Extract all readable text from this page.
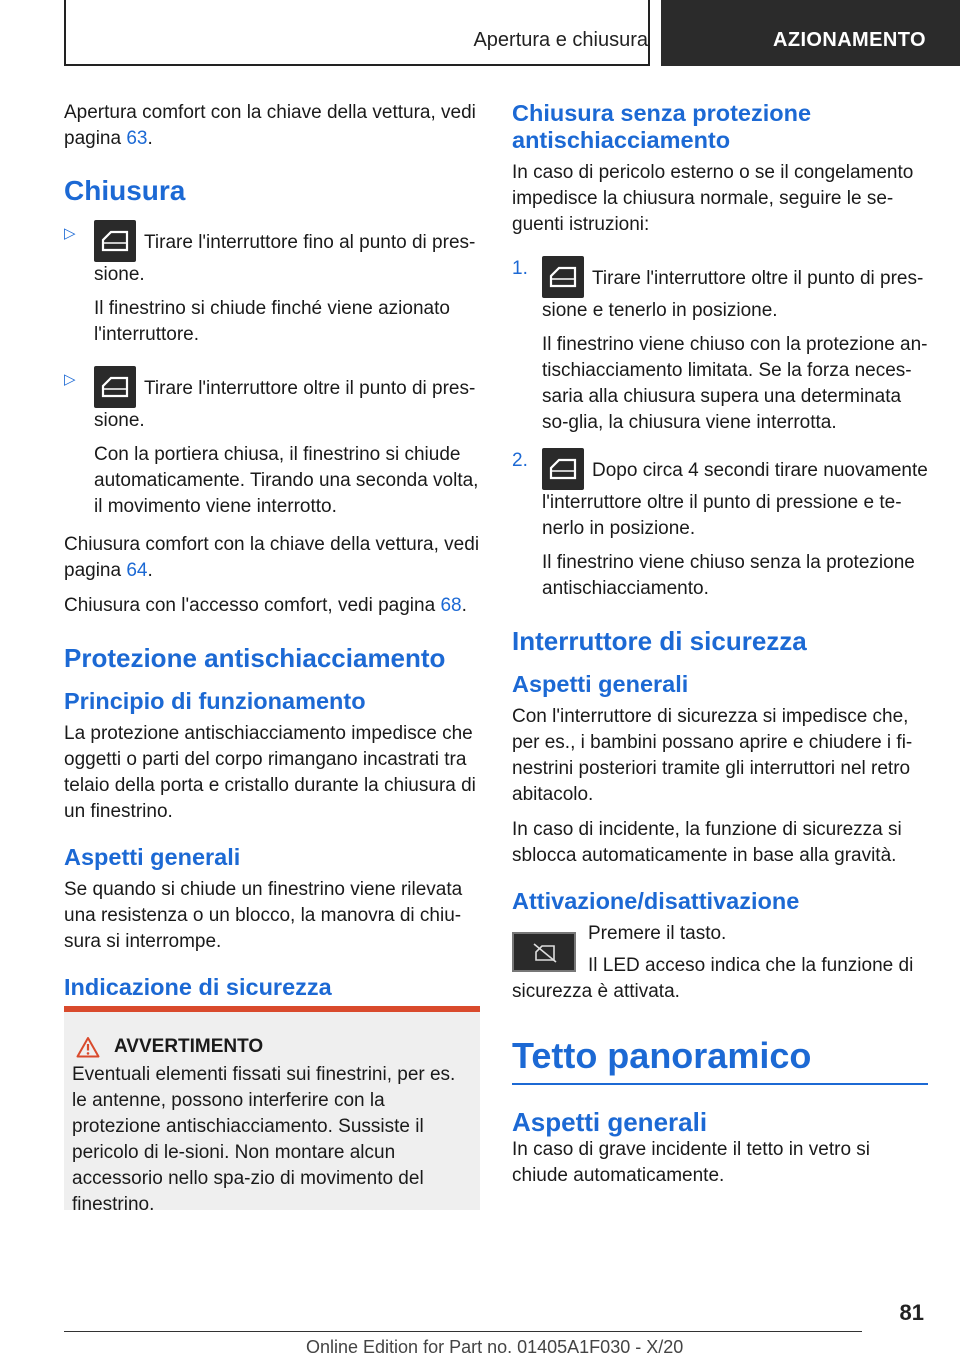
Apertura e chiusura	AZIONAMENTO

Apertura comfort con la chiave della vettura, vedi pagina 63.

Chiusura
▷	Tirare l'interruttore fino al punto di pres-sione.

Il finestrino si chiude finché viene azionato l'interruttore.

▷	Tirare l'interruttore oltre il punto di pres-sione.

Con la portiera chiusa, il finestrino si chiude automaticamente. Tirando una seconda volta, il movimento viene interrotto.

Chiusura comfort con la chiave della vettura, vedi pagina 64.

Chiusura con l'accesso comfort, vedi pagina 68.

Protezione antischiacciamento
Principio di funzionamento

La protezione antischiacciamento impedisce che oggetti o parti del corpo rimangano incastrati tra telaio della porta e cristallo durante la chiusura di un finestrino.

Aspetti generali

Se quando si chiude un finestrino viene rilevata una resistenza o un blocco, la manovra di chiu-sura si interrompe.

Indicazione di sicurezza
AVVERTIMENTO

Eventuali elementi fissati sui finestrini, per es. le antenne, possono interferire con la protezione antischiacciamento. Sussiste il pericolo di le-sioni. Non montare alcun accessorio nello spa-zio di movimento del finestrino.

Chiusura senza protezione antischiacciamento

In caso di pericolo esterno o se il congelamento impedisce la chiusura normale, seguire le se-guenti istruzioni:

1.	Tirare l'interruttore oltre il punto di pres-sione e tenerlo in posizione.

Il finestrino viene chiuso con la protezione an-tischiacciamento limitata. Se la forza neces-saria alla chiusura supera una determinata so-glia, la chiusura viene interrotta.

2.	Dopo circa 4 secondi tirare nuovamente l'interruttore oltre il punto di pressione e te-nerlo in posizione.

Il finestrino viene chiuso senza la protezione antischiacciamento.

Interruttore di sicurezza
Aspetti generali

Con l'interruttore di sicurezza si impedisce che, per es., i bambini possano aprire e chiudere i fi-nestrini posteriori tramite gli interruttori nel retro abitacolo.

In caso di incidente, la funzione di sicurezza si sblocca automaticamente in base alla gravità.

Attivazione/disattivazione

Premere il tasto.

Il LED acceso indica che la funzione di sicurezza è attivata.

Tetto panoramico
Aspetti generali

In caso di grave incidente il tetto in vetro si chiude automaticamente.

81
Online Edition for Part no. 01405A1F030 - X/20
